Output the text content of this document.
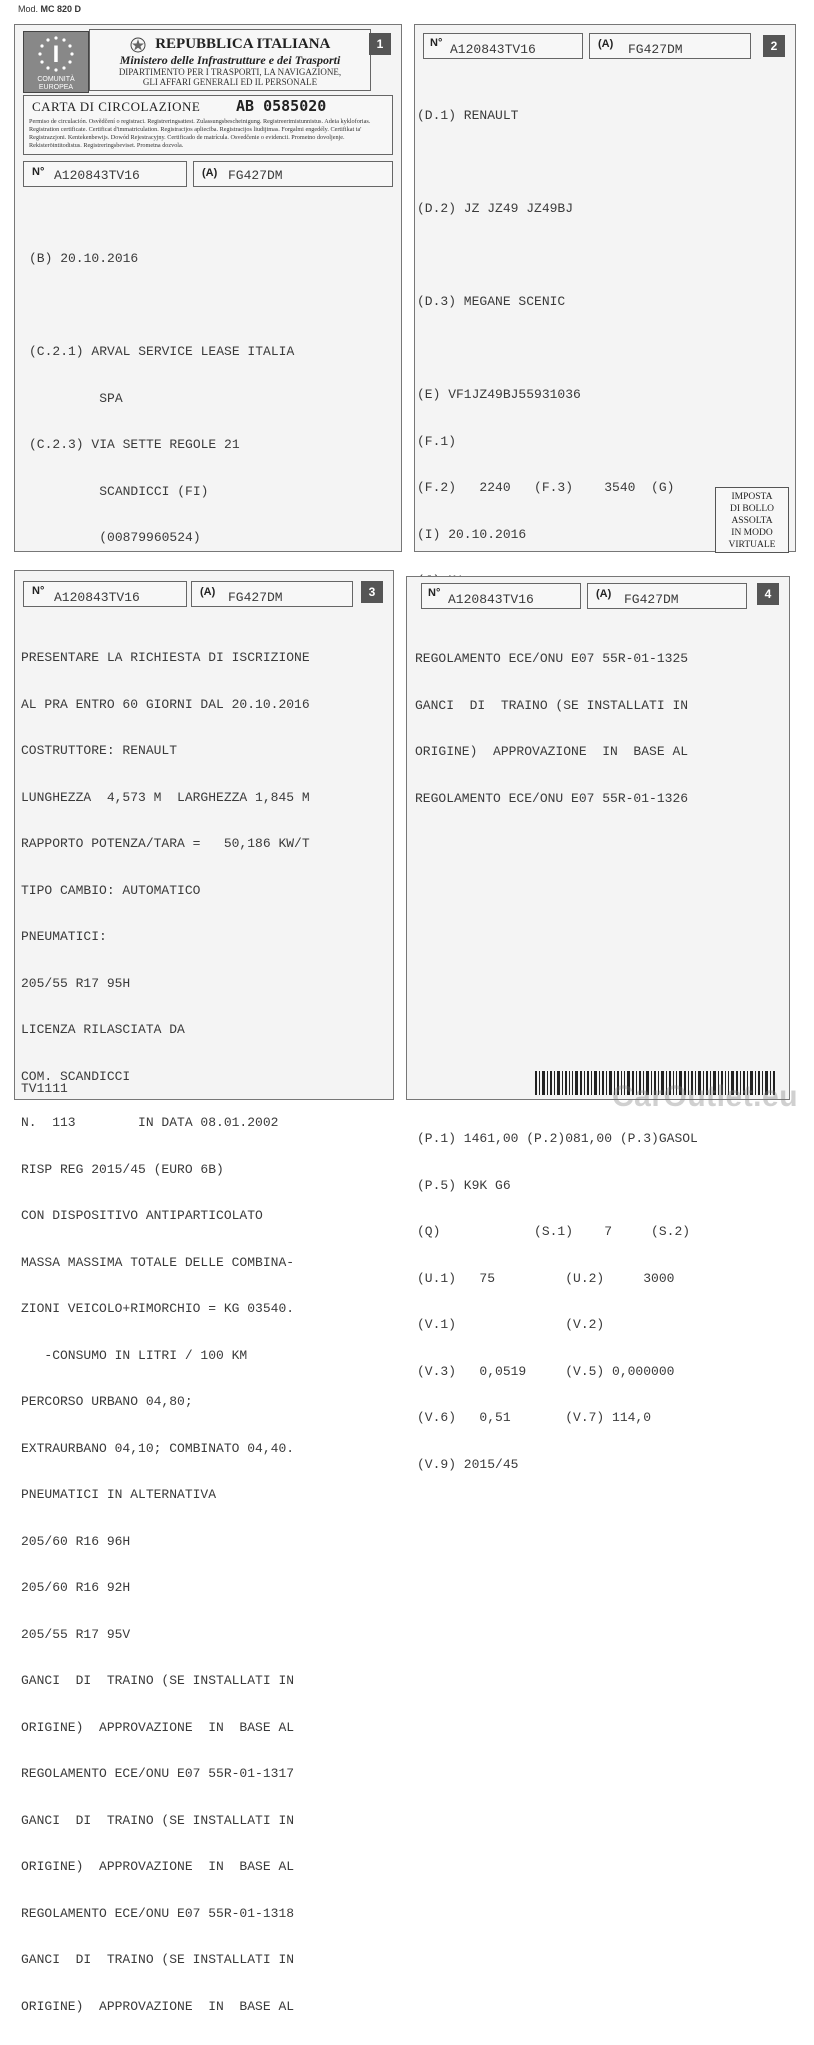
Mod. MC 820 D
I
COMUNITÀ EUROPEA
REPUBBLICA ITALIANA
Ministero delle Infrastrutture e dei Trasporti
DIPARTIMENTO PER I TRASPORTI, LA NAVIGAZIONE,
GLI AFFARI GENERALI ED IL PERSONALE
1
CARTA DI CIRCOLAZIONE AB 0585020
Permiso de circulación. Osvědčení o registraci. Registreringsattest. Zulassungsbescheinigung. Registreerimistunnistus. Adeia kykloforias. Registration certificate. Certificat d'immatriculation. Registracijos apliecība. Registracijos liudijimas. Forgalmi engedély. Certifikat ta' Registrazzjoni. Kentekenbewijs. Dowód Rejestracyjny. Certificado de matrícula. Osvedčenie o evidencii. Prometno dovoljenje. Rekisteröintitodistus. Registreringsbeviset. Prometna dozvola.
N° A120843TV16	(A) FG427DM

(B) 20.10.2016

(C.2.1) ARVAL SERVICE LEASE ITALIA

SPA

(C.2.3) VIA SETTE REGOLE 21

SCANDICCI (FI)

(00879960524)

N° A120843TV16	(A) FG427DM	2

(D.1) RENAULT

(D.2) JZ JZ49 JZ49BJ

(D.3) MEGANE SCENIC

(E) VF1JZ49BJ55931036

(F.1)

(F.2)   2240   (F.3)    3540  (G)

(I) 20.10.2016

(P.1) 1461,00 (P.2)081,00 (P.3)GASOL

(P.5) K9K G6

(Q)            (S.1)    7     (S.2)

(U.1)   75         (U.2)     3000

(V.1)              (V.2)

(V.3)   0,0519     (V.5) 0,000000

(V.6)   0,51       (V.7) 114,0

(V.9) 2015/45

IMPOSTA
DI BOLLO
ASSOLTA
IN MODO
VIRTUALE
N° A120843TV16	(A) FG427DM	3

PRESENTARE LA RICHIESTA DI ISCRIZIONE

AL PRA ENTRO 60 GIORNI DAL 20.10.2016

COSTRUTTORE: RENAULT

LUNGHEZZA  4,573 M  LARGHEZZA 1,845 M

RAPPORTO POTENZA/TARA =   50,186 KW/T

TIPO CAMBIO: AUTOMATICO

PNEUMATICI:

205/55 R17 95H

LICENZA RILASCIATA DA

COM. SCANDICCI

N.  113        IN DATA 08.01.2002

RISP REG 2015/45 (EURO 6B)

CON DISPOSITIVO ANTIPARTICOLATO

MASSA MASSIMA TOTALE DELLE COMBINA-

ZIONI VEICOLO+RIMORCHIO = KG 03540.

-CONSUMO IN LITRI / 100 KM

PERCORSO URBANO 04,80;

EXTRAURBANO 04,10; COMBINATO 04,40.

PNEUMATICI IN ALTERNATIVA

205/60 R16 96H

205/60 R16 92H

205/55 R17 95V

GANCI  DI  TRAINO (SE INSTALLATI IN

ORIGINE)  APPROVAZIONE  IN  BASE AL

REGOLAMENTO ECE/ONU E07 55R-01-1317

GANCI  DI  TRAINO (SE INSTALLATI IN

ORIGINE)  APPROVAZIONE  IN  BASE AL

REGOLAMENTO ECE/ONU E07 55R-01-1318

GANCI  DI  TRAINO (SE INSTALLATI IN

ORIGINE)  APPROVAZIONE  IN  BASE AL

TV1111
N° A120843TV16	(A) FG427DM	4

REGOLAMENTO ECE/ONU E07 55R-01-1325

GANCI  DI  TRAINO (SE INSTALLATI IN

ORIGINE)  APPROVAZIONE  IN  BASE AL

REGOLAMENTO ECE/ONU E07 55R-01-1326

CarOutlet.eu
